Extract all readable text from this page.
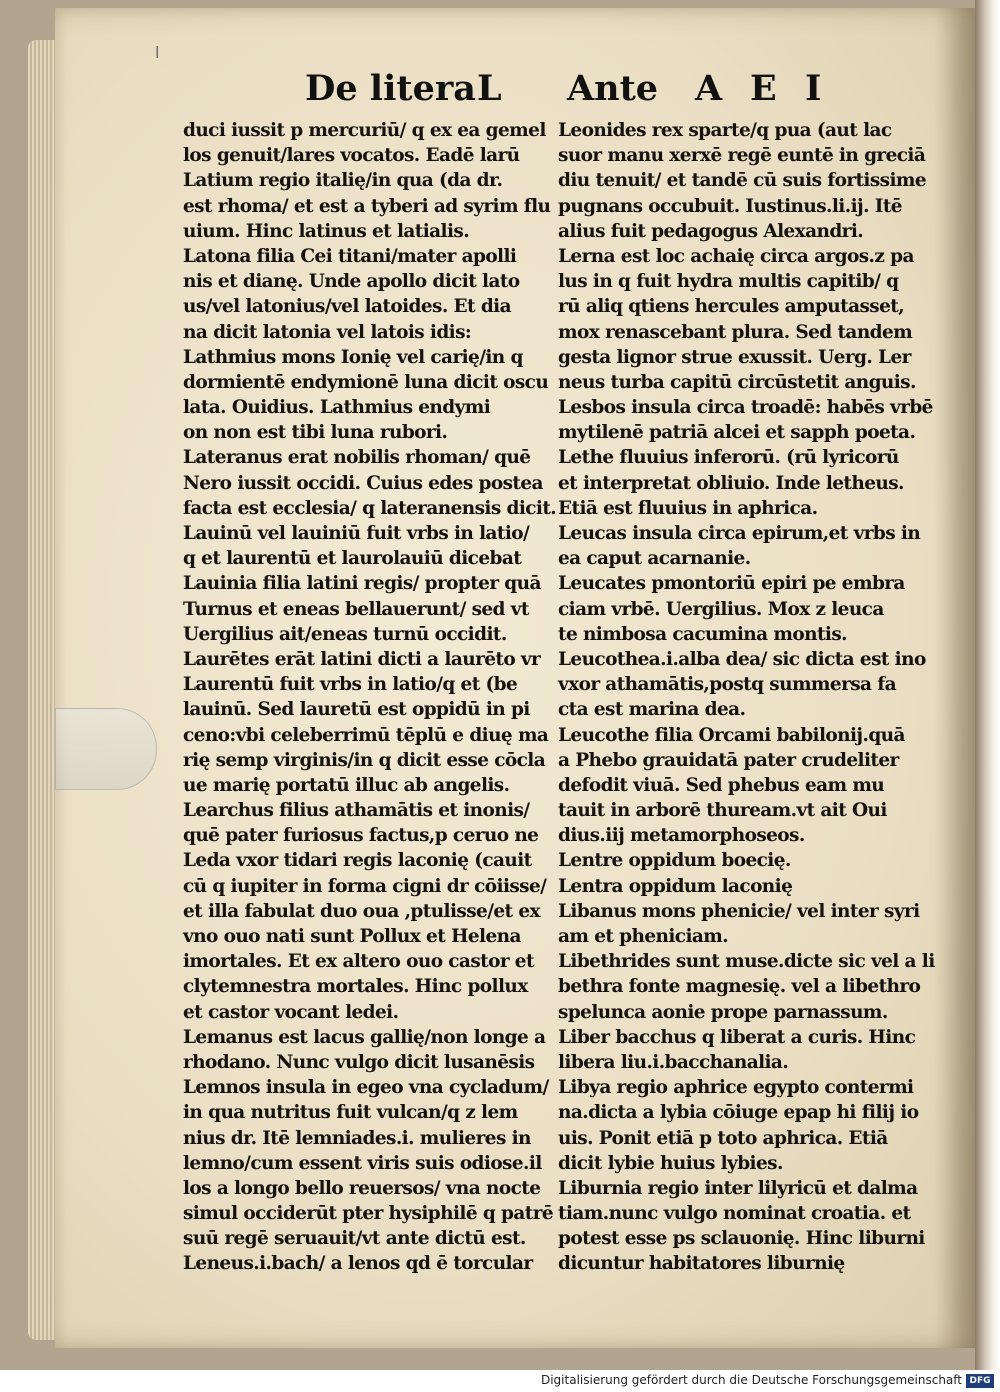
l
De litera L Ante A E I
duci iussit p mercuriū/ q ex ea gemel
los genuit/lares vocatos. Eadē larū
Latium regio italię/in qua (da dr.
est rhoma/ et est a tyberi ad syrim flu
uium. Hinc latinus et latialis.
Latona filia Cei titani/mater apolli
nis et dianę. Unde apollo dicit lato
us/vel latonius/vel latoides. Et dia
na dicit latonia vel latois idis:
Lathmius mons Ionię vel carię/in q
dormientē endymionē luna dicit oscu
lata. Ouidius. Lathmius endymi
on non est tibi luna rubori.
Lateranus erat nobilis rhoman/ quē
Nero iussit occidi. Cuius edes postea
facta est ecclesia/ q lateranensis dicit.
Lauinū vel lauiniū fuit vrbs in latio/
q et laurentū et laurolauiū dicebat
Lauinia filia latini regis/ propter quā
Turnus et eneas bellauerunt/ sed vt
Uergilius ait/eneas turnū occidit.
Laurētes erāt latini dicti a laurēto vr
Laurentū fuit vrbs in latio/q et (be
lauinū. Sed lauretū est oppidū in pi
ceno:vbi celeberrimū tēplū e diuę ma
rię semp virginis/in q dicit esse cōcla
ue marię portatū illuc ab angelis.
Learchus filius athamātis et inonis/
quē pater furiosus factus,p ceruo ne
Leda vxor tidari regis laconię (cauit
cū q iupiter in forma cigni dr cōiisse/
et illa fabulat duo oua ,ptulisse/et ex
vno ouo nati sunt Pollux et Helena
imortales. Et ex altero ouo castor et
clytemnestra mortales. Hinc pollux
et castor vocant ledei.
Lemanus est lacus gallię/non longe a
rhodano. Nunc vulgo dicit lusanēsis
Lemnos insula in egeo vna cycladum/
in qua nutritus fuit vulcan/q z lem
nius dr. Itē lemniades.i. mulieres in
lemno/cum essent viris suis odiose.il
los a longo bello reuersos/ vna nocte
simul occiderūt pter hysiphilē q patrē
suū regē seruauit/vt ante dictū est.
Leneus.i.bach/ a lenos qd ē torcular
Leonides rex sparte/q pua (aut lac
suor manu xerxē regē euntē in greciā
diu tenuit/ et tandē cū suis fortissime
pugnans occubuit. Iustinus.li.ij. Itē
alius fuit pedagogus Alexandri.
Lerna est loc achaię circa argos.z pa
lus in q fuit hydra multis capitib/ q
rū aliq qtiens hercules amputasset,
mox renascebant plura. Sed tandem
gesta lignor strue exussit. Uerg. Ler
neus turba capitū circūstetit anguis.
Lesbos insula circa troadē: habēs vrbē
mytilenē patriā alcei et sapph poeta.
Lethe fluuius inferorū. (rū lyricorū
et interpretat obliuio. Inde letheus.
Etiā est fluuius in aphrica.
Leucas insula circa epirum,et vrbs in
ea caput acarnanie.
Leucates pmontoriū epiri pe embra
ciam vrbē. Uergilius. Mox z leuca
te nimbosa cacumina montis.
Leucothea.i.alba dea/ sic dicta est ino
vxor athamātis,postq summersa fa
cta est marina dea.
Leucothe filia Orcami babilonij.quā
a Phebo grauidatā pater crudeliter
defodit viuā. Sed phebus eam mu
tauit in arborē thuream.vt ait Oui
dius.iij metamorphoseos.
Lentre oppidum boecię.
Lentra oppidum laconię
Libanus mons phenicie/ vel inter syri
am et pheniciam.
Libethrides sunt muse.dicte sic vel a li
bethra fonte magnesię. vel a libethro
spelunca aonie prope parnassum.
Liber bacchus q liberat a curis. Hinc
libera liu.i.bacchanalia.
Libya regio aphrice egypto contermi
na.dicta a lybia cōiuge epap hi filij io
uis. Ponit etiā p toto aphrica. Etiā
dicit lybie huius lybies.
Liburnia regio inter lilyricū et dalma
tiam.nunc vulgo nominat croatia. et
potest esse ps sclauonię. Hinc liburni
dicuntur habitatores liburnię
Digitalisierung gefördert durch die Deutsche Forschungsgemeinschaft DFG
